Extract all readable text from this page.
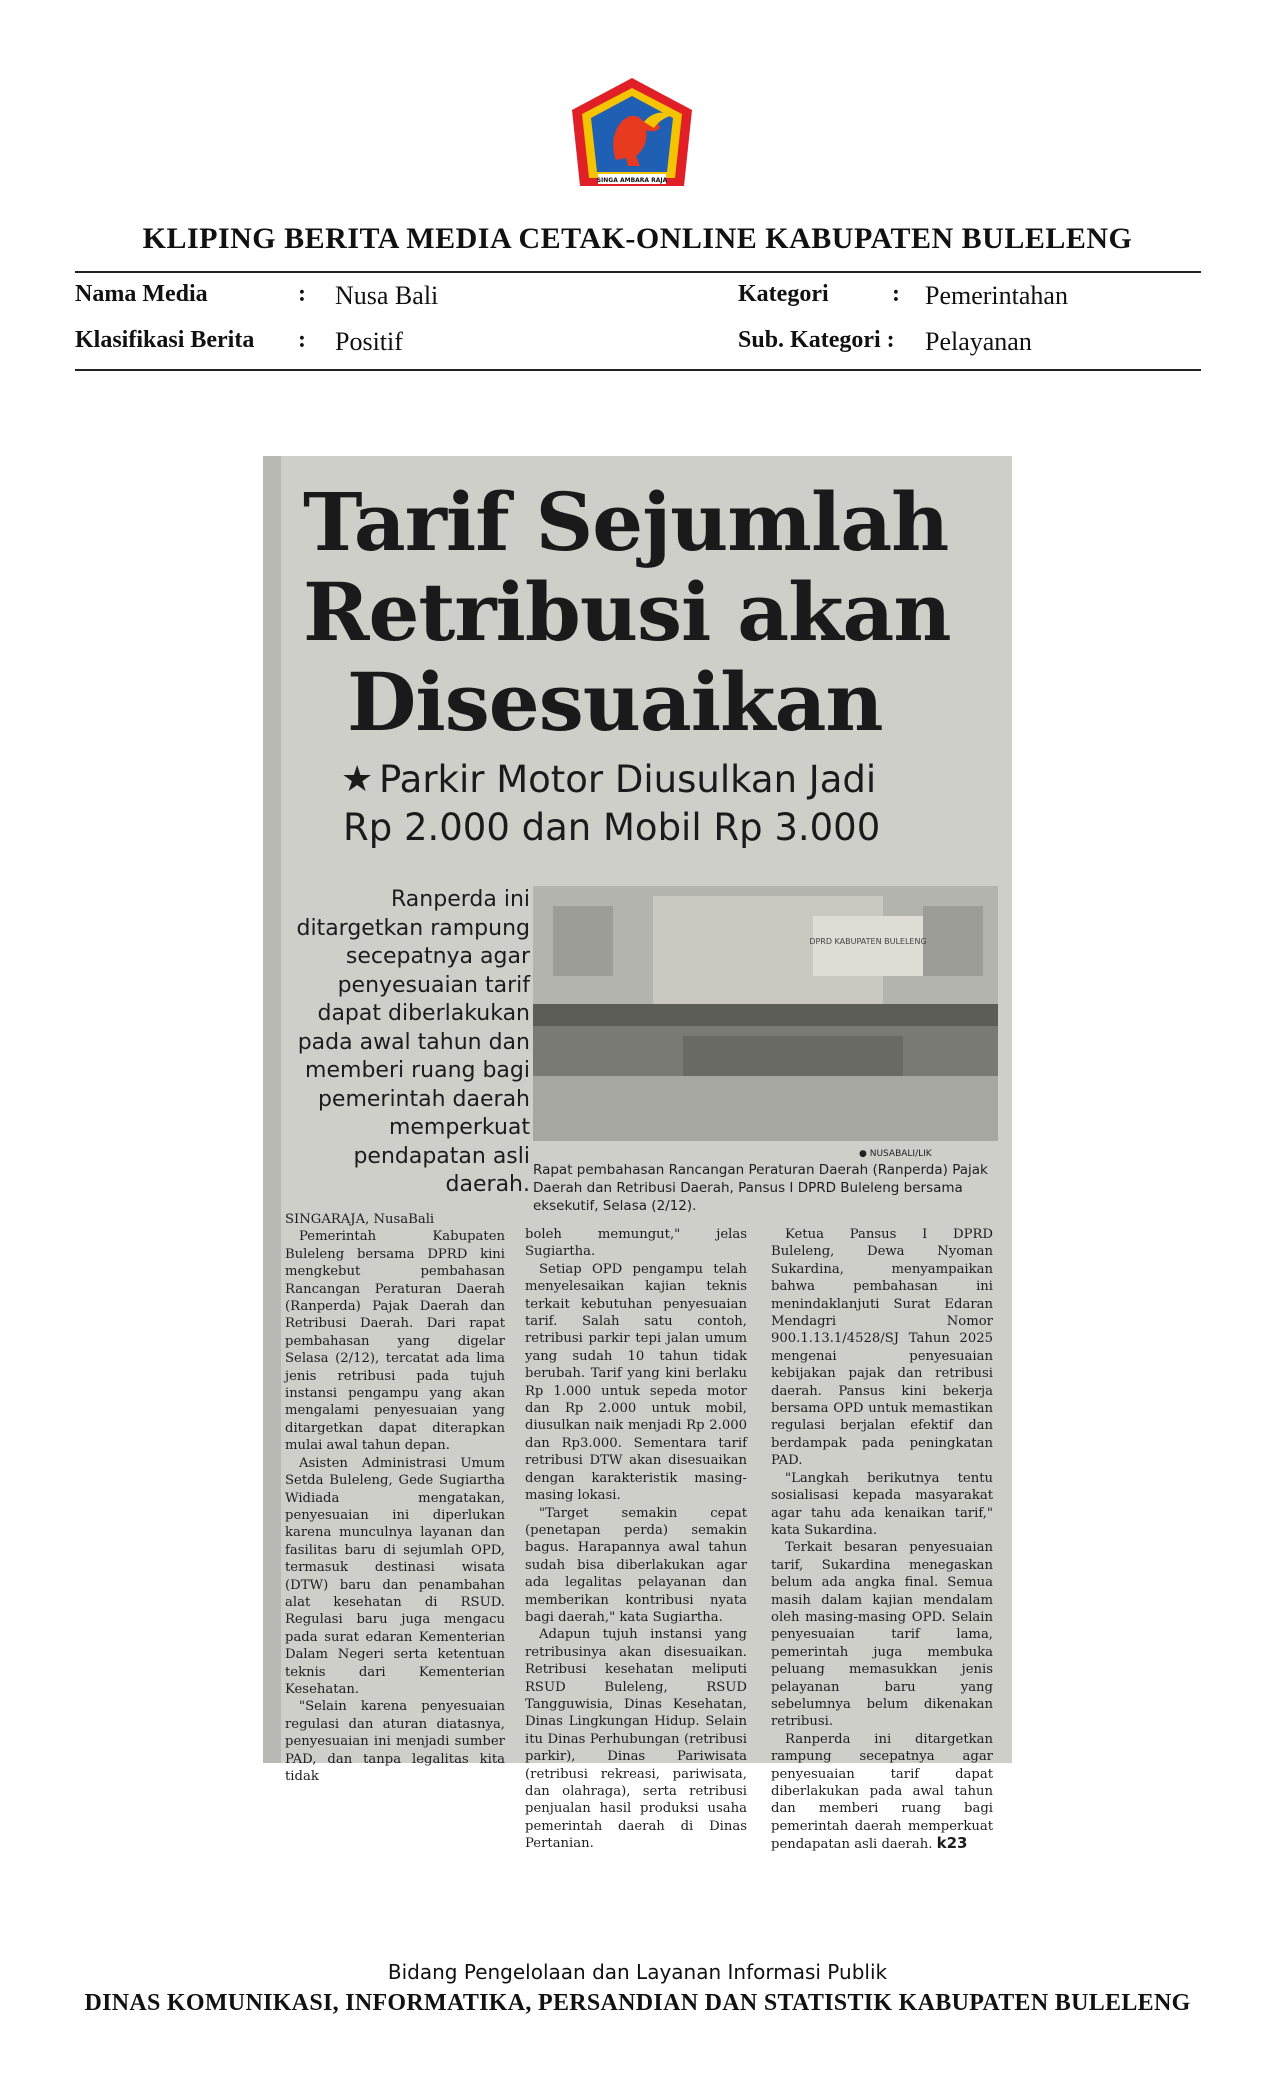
SINGA AMBARA RAJA
KLIPING BERITA MEDIA CETAK-ONLINE KABUPATEN BULELENG
Nama Media	: Nusa Bali
Klasifikasi Berita : Positif
Kategori	: Pemerintahan
Sub. Kategori : Pelayanan
Tarif Sejumlah
Retribusi akan
Disesuaikan
★ Parkir Motor Diusulkan Jadi
Rp 2.000 dan Mobil Rp 3.000
Ranperda ini ditargetkan rampung secepatnya agar penyesuaian tarif dapat diberlakukan pada awal tahun dan memberi ruang bagi pemerintah daerah memperkuat pendapatan asli daerah.
DPRD KABUPATEN BULELENG
● NUSABALI/LIK
Rapat pembahasan Rancangan Peraturan Daerah (Ranperda) Pajak Daerah dan Retribusi Daerah, Pansus I DPRD Buleleng bersama eksekutif, Selasa (2/12).

SINGARAJA, NusaBali

Pemerintah Kabupaten Buleleng bersama DPRD kini mengkebut pembahasan Rancangan Peraturan Daerah (Ranperda) Pajak Daerah dan Retribusi Daerah. Dari rapat pembahasan yang digelar Selasa (2/12), tercatat ada lima jenis retribusi pada tujuh instansi pengampu yang akan mengalami penyesuaian yang ditargetkan dapat diterapkan mulai awal tahun depan.

Asisten Administrasi Umum Setda Buleleng, Gede Sugiartha Widiada mengatakan, penyesuaian ini diperlukan karena munculnya layanan dan fasilitas baru di sejumlah OPD, termasuk destinasi wisata (DTW) baru dan penambahan alat kesehatan di RSUD. Regulasi baru juga mengacu pada surat edaran Kementerian Dalam Negeri serta ketentuan teknis dari Kementerian Kesehatan.

"Selain karena penyesuaian regulasi dan aturan diatasnya, penyesuaian ini menjadi sumber PAD, dan tanpa legalitas kita tidak

boleh memungut," jelas Sugiartha.

Setiap OPD pengampu telah menyelesaikan kajian teknis terkait kebutuhan penyesuaian tarif. Salah satu contoh, retribusi parkir tepi jalan umum yang sudah 10 tahun tidak berubah. Tarif yang kini berlaku Rp 1.000 untuk sepeda motor dan Rp 2.000 untuk mobil, diusulkan naik menjadi Rp 2.000 dan Rp3.000. Sementara tarif retribusi DTW akan disesuaikan dengan karakteristik masing-masing lokasi.

"Target semakin cepat (penetapan perda) semakin bagus. Harapannya awal tahun sudah bisa diberlakukan agar ada legalitas pelayanan dan memberikan kontribusi nyata bagi daerah," kata Sugiartha.

Adapun tujuh instansi yang retribusinya akan disesuaikan. Retribusi kesehatan meliputi RSUD Buleleng, RSUD Tangguwisia, Dinas Kesehatan, Dinas Lingkungan Hidup. Selain itu Dinas Perhubungan (retribusi parkir), Dinas Pariwisata (retribusi rekreasi, pariwisata, dan olahraga), serta retribusi penjualan hasil produksi usaha pemerintah daerah di Dinas Pertanian.

Ketua Pansus I DPRD Buleleng, Dewa Nyoman Sukardina, menyampaikan bahwa pembahasan ini menindaklanjuti Surat Edaran Mendagri Nomor 900.1.13.1/4528/SJ Tahun 2025 mengenai penyesuaian kebijakan pajak dan retribusi daerah. Pansus kini bekerja bersama OPD untuk memastikan regulasi berjalan efektif dan berdampak pada peningkatan PAD.

"Langkah berikutnya tentu sosialisasi kepada masyarakat agar tahu ada kenaikan tarif," kata Sukardina.

Terkait besaran penyesuaian tarif, Sukardina menegaskan belum ada angka final. Semua masih dalam kajian mendalam oleh masing-masing OPD. Selain penyesuaian tarif lama, pemerintah juga membuka peluang memasukkan jenis pelayanan baru yang sebelumnya belum dikenakan retribusi.

Ranperda ini ditargetkan rampung secepatnya agar penyesuaian tarif dapat diberlakukan pada awal tahun dan memberi ruang bagi pemerintah daerah memperkuat pendapatan asli daerah. k23

Bidang Pengelolaan dan Layanan Informasi Publik
DINAS KOMUNIKASI, INFORMATIKA, PERSANDIAN DAN STATISTIK KABUPATEN BULELENG
